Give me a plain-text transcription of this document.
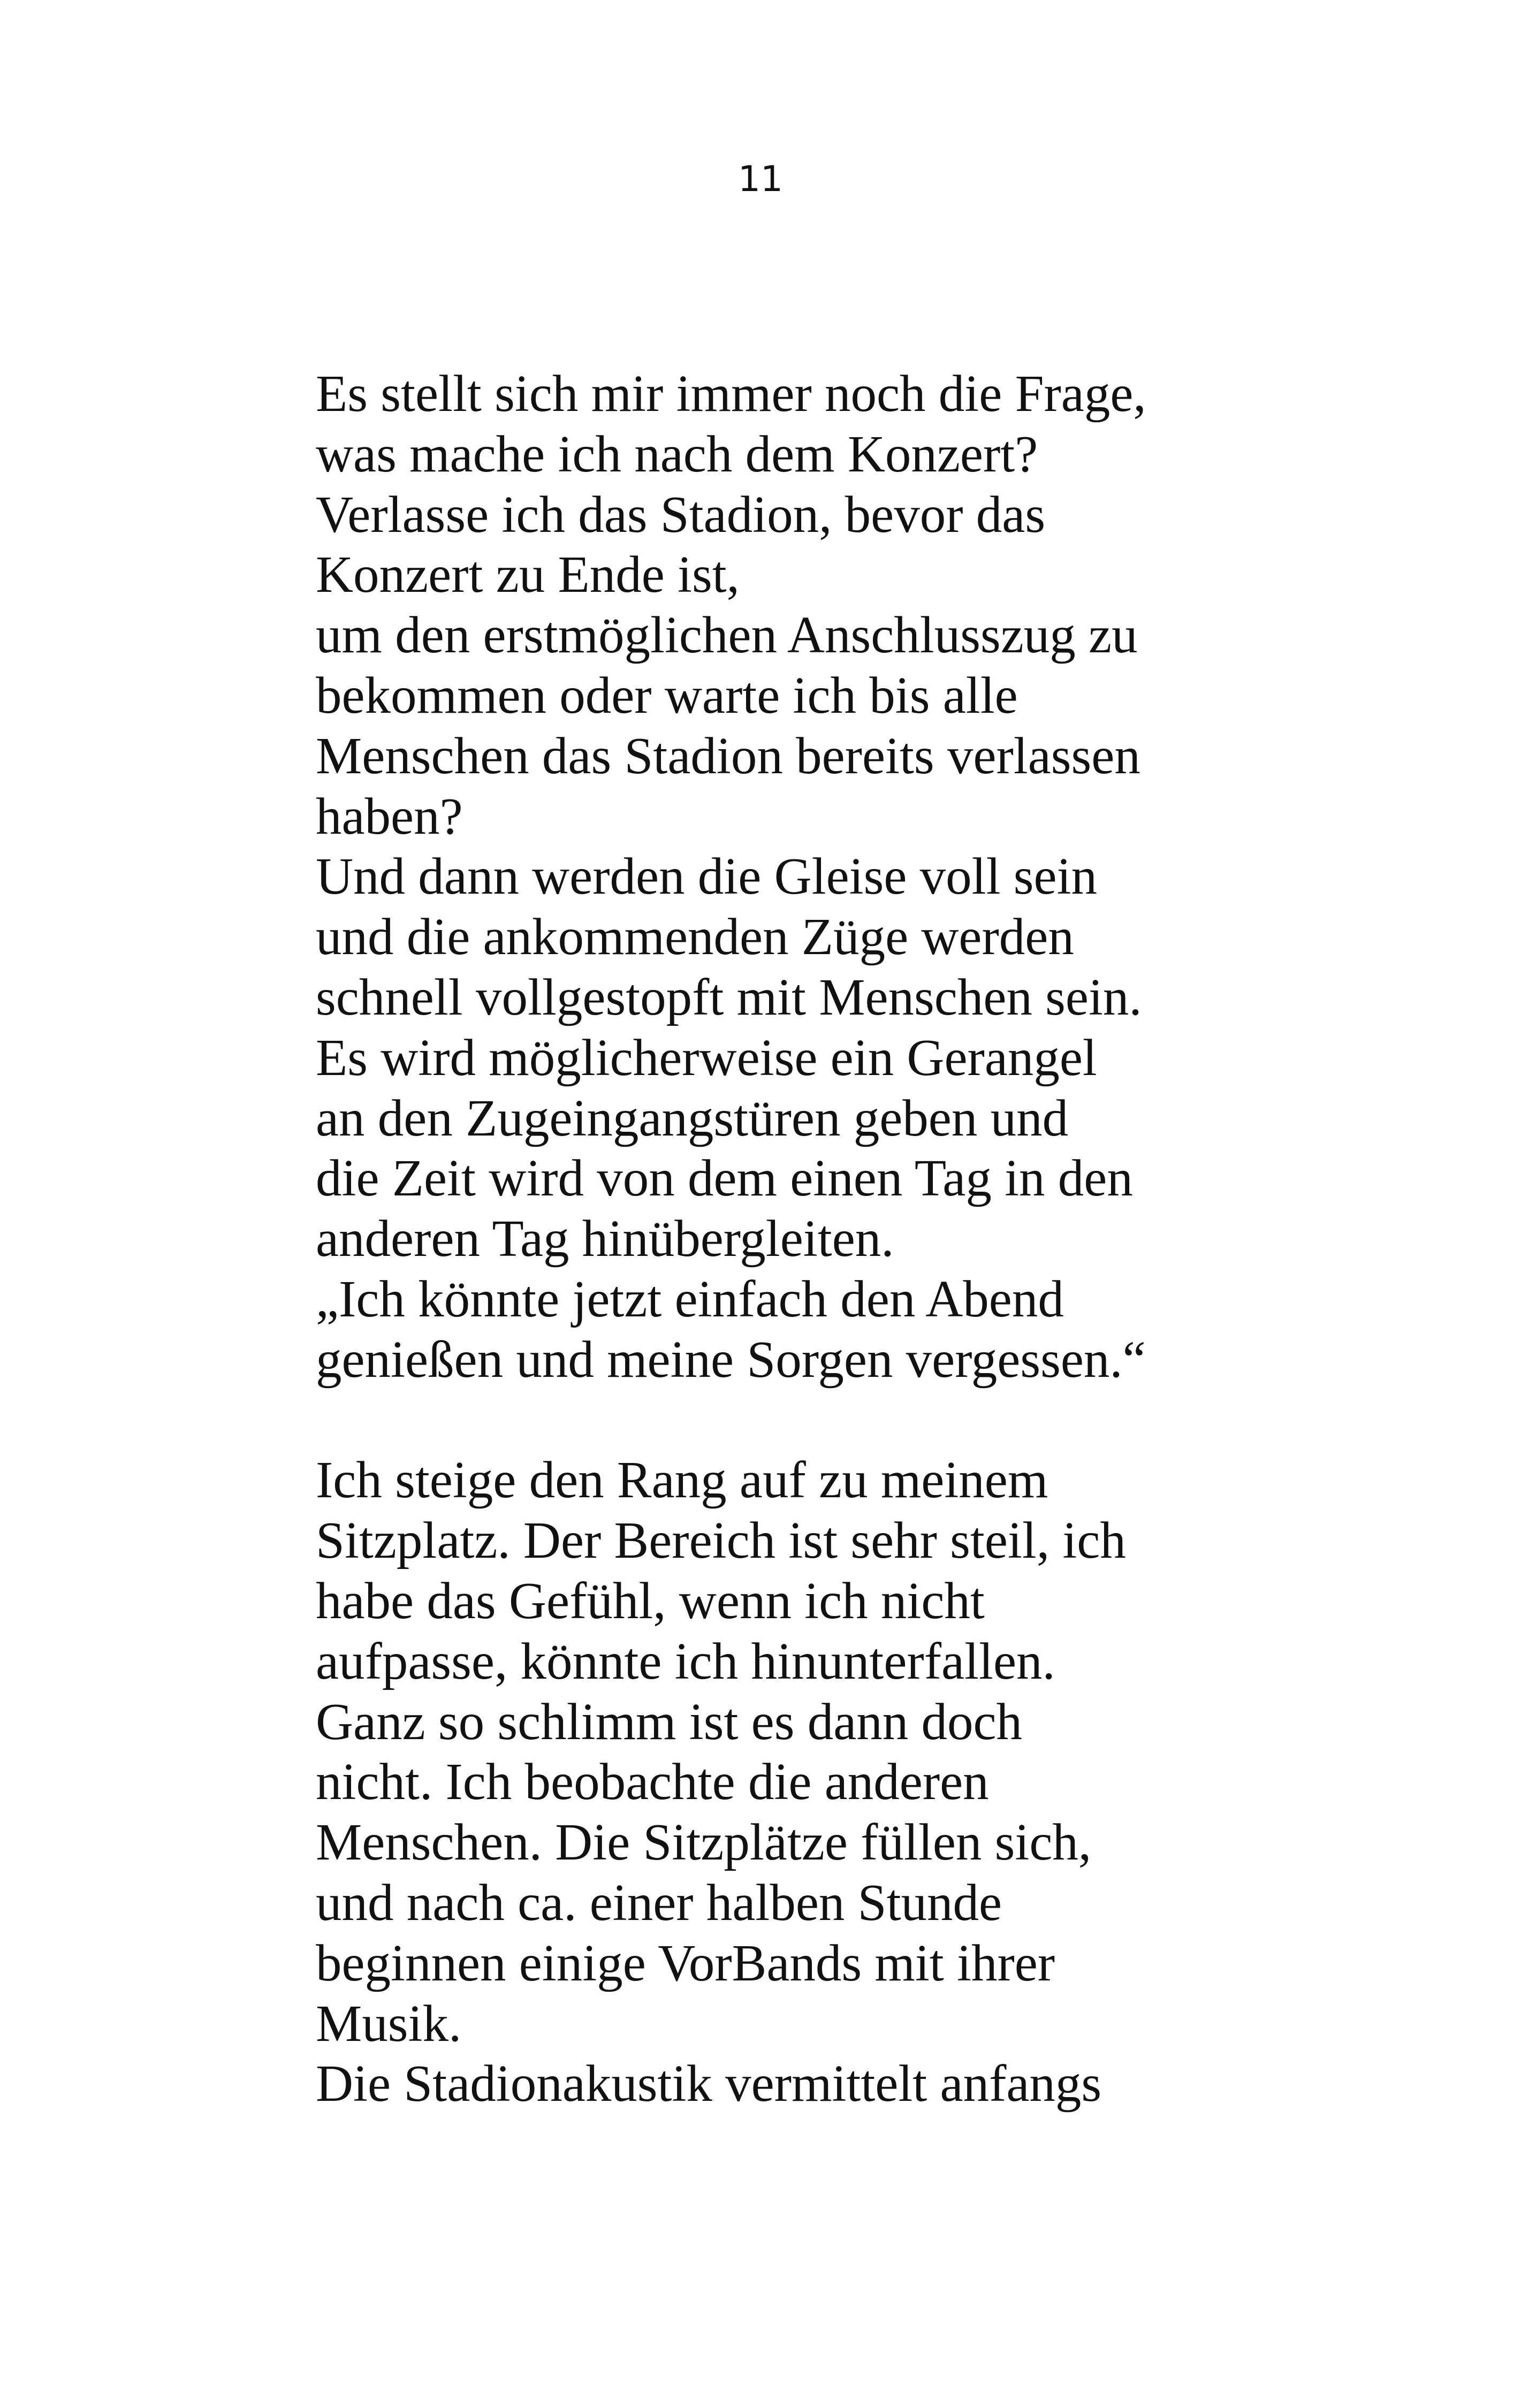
11

Es stellt sich mir immer noch die Frage,
was mache ich nach dem Konzert?
Verlasse ich das Stadion, bevor das
Konzert zu Ende ist,
um den erstmöglichen Anschlusszug zu
bekommen oder warte ich bis alle
Menschen das Stadion bereits verlassen
haben?
Und dann werden die Gleise voll sein
und die ankommenden Züge werden
schnell vollgestopft mit Menschen sein.
Es wird möglicherweise ein Gerangel
an den Zugeingangstüren geben und
die Zeit wird von dem einen Tag in den
anderen Tag hinübergleiten.
„Ich könnte jetzt einfach den Abend
genießen und meine Sorgen vergessen.“
Ich steige den Rang auf zu meinem
Sitzplatz. Der Bereich ist sehr steil, ich
habe das Gefühl, wenn ich nicht
aufpasse, könnte ich hinunterfallen.
Ganz so schlimm ist es dann doch
nicht. Ich beobachte die anderen
Menschen. Die Sitzplätze füllen sich,
und nach ca. einer halben Stunde
beginnen einige VorBands mit ihrer
Musik.
Die Stadionakustik vermittelt anfangs
